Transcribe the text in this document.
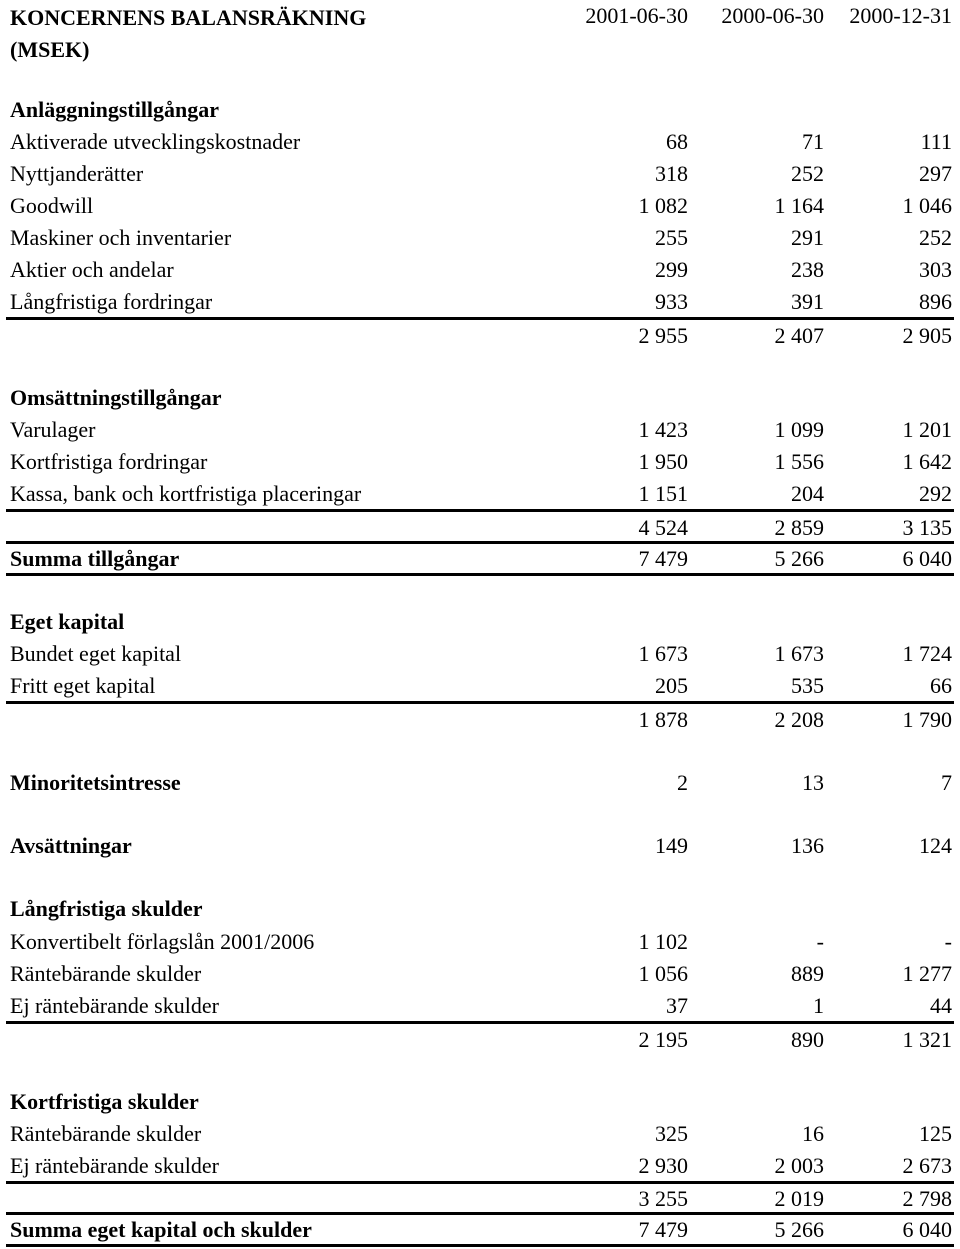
KONCERNENS BALANSRÄKNING
(MSEK)
2001-06-30 2000-06-30 2000-12-31
Anläggningstillgångar
Aktiverade utvecklingskostnader	68	71	111
Nyttjanderätter	318	252	297
Goodwill	1 082	1 164	1 046
Maskiner och inventarier	255	291	252
Aktier och andelar	299	238	303
Långfristiga fordringar	933	391	896
2 955	2 407	2 905
Omsättningstillgångar
Varulager	1 423	1 099	1 201
Kortfristiga fordringar	1 950	1 556	1 642
Kassa, bank och kortfristiga placeringar	1 151	204	292
4 524	2 859	3 135
Summa tillgångar	7 479	5 266	6 040
Eget kapital
Bundet eget kapital	1 673	1 673	1 724
Fritt eget kapital	205	535	66
1 878	2 208	1 790
Minoritetsintresse	2	13	7
Avsättningar	149	136	124
Långfristiga skulder
Konvertibelt förlagslån 2001/2006	1 102	-	-
Räntebärande skulder	1 056	889	1 277
Ej räntebärande skulder	37	1	44
2 195	890	1 321
Kortfristiga skulder
Räntebärande skulder	325	16	125
Ej räntebärande skulder	2 930	2 003	2 673
3 255	2 019	2 798
Summa eget kapital och skulder	7 479	5 266	6 040
